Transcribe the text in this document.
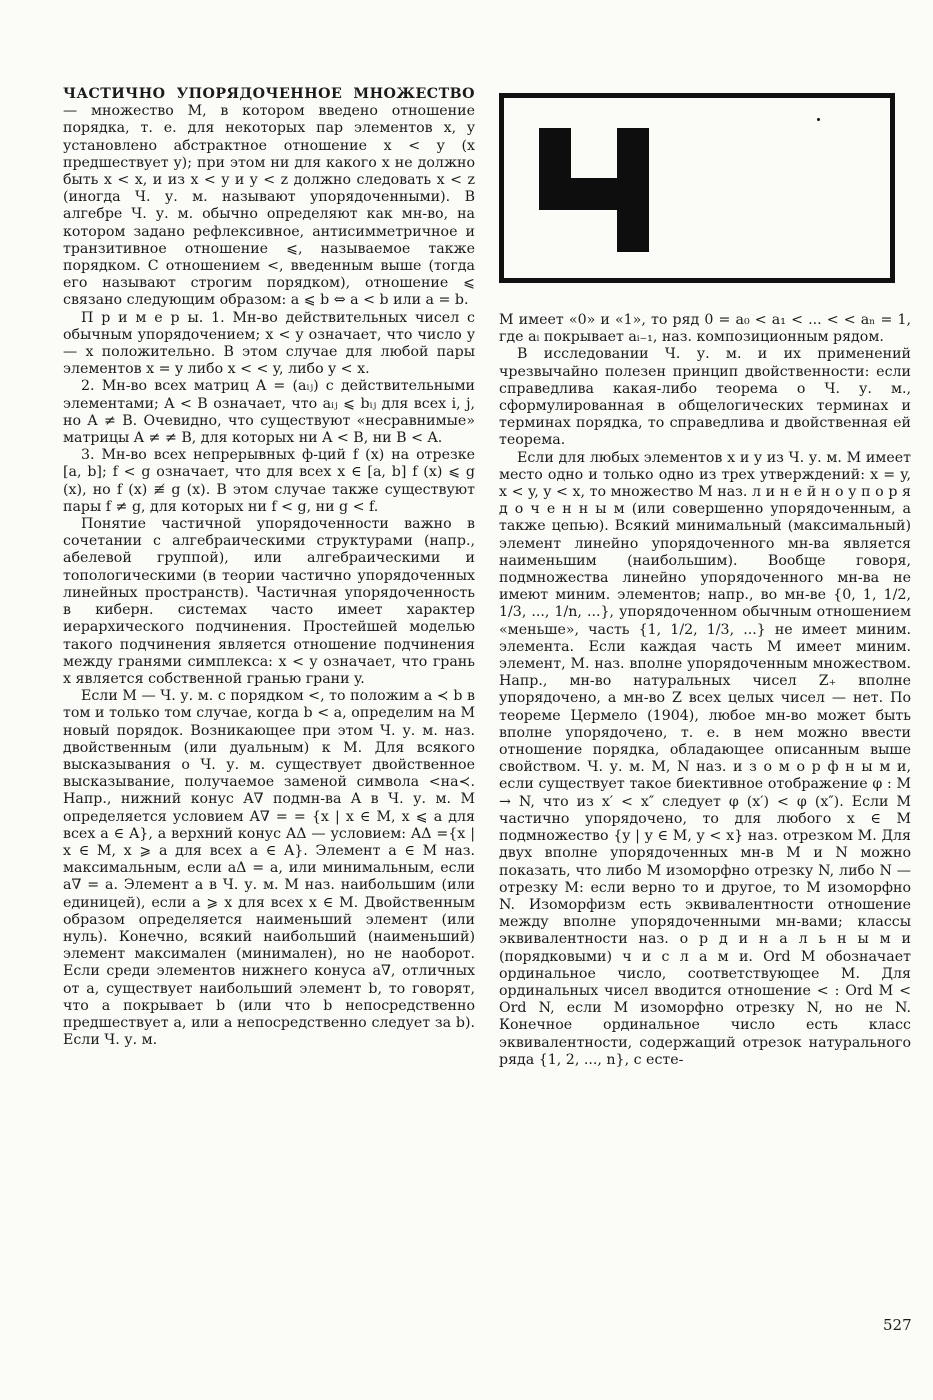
ЧАСТИЧНО УПОРЯДОЧЕННОЕ МНОЖЕСТВО — множество M, в котором введено отношение порядка, т. е. для некоторых пар элементов x, y установлено абстрактное отношение x < y (x предшествует y); при этом ни для какого x не должно быть x < x, и из x < y и y < z должно следовать x < z (иногда Ч. у. м. называют упорядоченными). В алгебре Ч. у. м. обычно определяют как мн-во, на котором задано рефлексивное, антисимметричное и транзитивное отношение ⩽, называемое также порядком. С отношением <, введенным выше (тогда его называют строгим порядком), отношение ⩽ связано следующим образом: a ⩽ b ⇔ a < b или a = b.

П р и м е р ы. 1. Мн-во действительных чисел с обычным упорядочением; x < y означает, что число y — x положительно. В этом случае для любой пары элементов x = y либо x < < y, либо y < x.

2. Мн-во всех матриц A = (aᵢⱼ) с действительными элементами; A < B означает, что aᵢⱼ ⩽ bᵢⱼ для всех i, j, но A ≠ B. Очевидно, что существуют «несравнимые» матрицы A ≠ ≠ B, для которых ни A < B, ни B < A.

3. Мн-во всех непрерывных ф-ций f (x) на отрезке [a, b]; f < g означает, что для всех x ∈ [a, b] f (x) ⩽ g (x), но f (x) ≢ g (x). В этом случае также существуют пары f ≠ g, для которых ни f < g, ни g < f.

Понятие частичной упорядоченности важно в сочетании с алгебраическими структурами (напр., абелевой группой), или алгебраическими и топологическими (в теории частично упорядоченных линейных пространств). Частичная упорядоченность в киберн. системах часто имеет характер иерархического подчинения. Простейшей моделью такого подчинения является отношение подчинения между гранями симплекса: x < y означает, что грань x является собственной гранью грани y.

Если M — Ч. у. м. с порядком <, то положим a ≺ b в том и только том случае, когда b < a, определим на M новый порядок. Возникающее при этом Ч. у. м. наз. двойственным (или дуальным) к M. Для всякого высказывания о Ч. у. м. существует двойственное высказывание, получаемое заменой символа <на≺. Напр., нижний конус A∇ подмн-ва A в Ч. у. м. M определяется условием A∇ = = {x | x ∈ M, x ⩽ a для всех a ∈ A}, а верхний конус AΔ — условием: AΔ ={x | x ∈ M, x ⩾ a для всех a ∈ A}. Элемент a ∈ M наз. максимальным, если aΔ = a, или минимальным, если a∇ = a. Элемент a в Ч. у. м. M наз. наибольшим (или единицей), если a ⩾ x для всех x ∈ M. Двойственным образом определяется наименьший элемент (или нуль). Конечно, всякий наибольший (наименьший) элемент максимален (минимален), но не наоборот. Если среди элементов нижнего конуса a∇, отличных от a, существует наибольший элемент b, то говорят, что a покрывает b (или что b непосредственно предшествует a, или a непосредственно следует за b). Если Ч. у. м.

M имеет «0» и «1», то ряд 0 = a₀ < a₁ < ... < < aₙ = 1, где aᵢ покрывает aᵢ₋₁, наз. композиционным рядом.

В исследовании Ч. у. м. и их применений чрезвычайно полезен принцип двойственности: если справедлива какая-либо теорема о Ч. у. м., сформулированная в общелогических терминах и терминах порядка, то справедлива и двойственная ей теорема.

Если для любых элементов x и y из Ч. у. м. M имеет место одно и только одно из трех утверждений: x = y, x < y, y < x, то множество M наз. л и н е й н о у п о р я д о ч е н н ы м (или совершенно упорядоченным, а также цепью). Всякий минимальный (максимальный) элемент линейно упорядоченного мн-ва является наименьшим (наибольшим). Вообще говоря, подмножества линейно упорядоченного мн-ва не имеют миним. элементов; напр., во мн-ве {0, 1, 1/2, 1/3, ..., 1/n, ...}, упорядоченном обычным отношением «меньше», часть {1, 1/2, 1/3, ...} не имеет миним. элемента. Если каждая часть M имеет миним. элемент, M. наз. вполне упорядоченным множеством. Напр., мн-во натуральных чисел Z₊ вполне упорядочено, а мн-во Z всех целых чисел — нет. По теореме Цермело (1904), любое мн-во может быть вполне упорядочено, т. е. в нем можно ввести отношение порядка, обладающее описанным выше свойством. Ч. у. м. M, N наз. и з о м о р ф н ы м и, если существует такое биективное отображение φ : M → N, что из x′ < x″ следует φ (x′) < φ (x″). Если M частично упорядочено, то для любого x ∈ M подмножество {y | y ∈ M, y < x} наз. отрезком M. Для двух вполне упорядоченных мн-в M и N можно показать, что либо M изоморфно отрезку N, либо N — отрезку M: если верно то и другое, то M изоморфно N. Изоморфизм есть эквивалентности отношение между вполне упорядоченными мн-вами; классы эквивалентности наз. о р д и н а л ь н ы м и (порядковыми) ч и с л а м и. Ord M обозначает ординальное число, соответствующее M. Для ординальных чисел вводится отношение < : Ord M < Ord N, если M изоморфно отрезку N, но не N. Конечное ординальное число есть класс эквивалентности, содержащий отрезок натурального ряда {1, 2, ..., n}, с есте-

527
